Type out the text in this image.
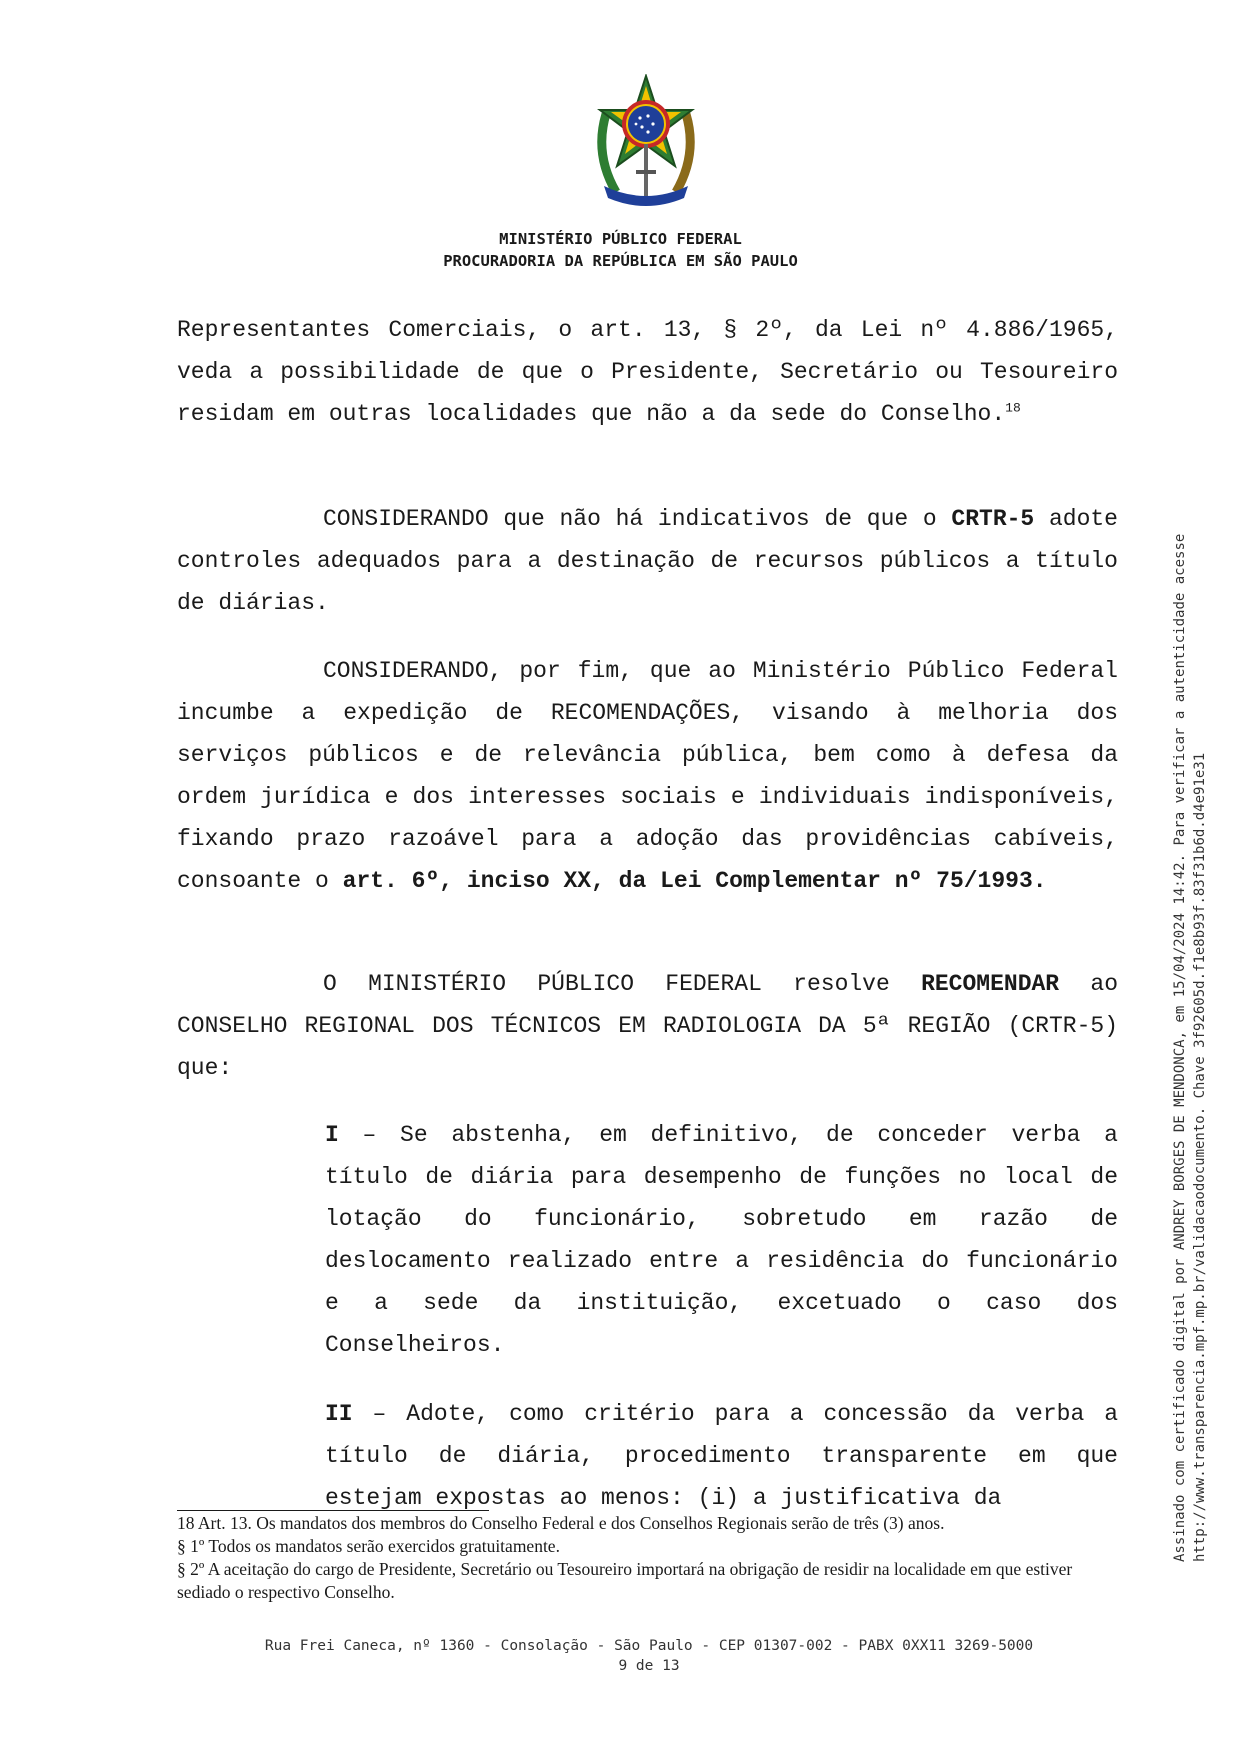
MINISTÉRIO PÚBLICO FEDERAL
PROCURADORIA DA REPÚBLICA EM SÃO PAULO

Representantes Comerciais, o art. 13, § 2º, da Lei nº 4.886/1965, veda a possibilidade de que o Presidente, Secretário ou Tesoureiro residam em outras localidades que não a da sede do Conselho.$^{18}$

CONSIDERANDO que não há indicativos de que o CRTR-5 adote controles adequados para a destinação de recursos públicos a título de diárias.

CONSIDERANDO, por fim, que ao Ministério Público Federal incumbe a expedição de RECOMENDAÇÕES, visando à melhoria dos serviços públicos e de relevância pública, bem como à defesa da ordem jurídica e dos interesses sociais e individuais indisponíveis, fixando prazo razoável para a adoção das providências cabíveis, consoante o art. 6º, inciso XX, da Lei Complementar nº 75/1993.

O MINISTÉRIO PÚBLICO FEDERAL resolve RECOMENDAR ao CONSELHO REGIONAL DOS TÉCNICOS EM RADIOLOGIA DA 5ª REGIÃO (CRTR-5) que:

I – Se abstenha, em definitivo, de conceder verba a título de diária para desempenho de funções no local de lotação do funcionário, sobretudo em razão de deslocamento realizado entre a residência do funcionário e a sede da instituição, excetuado o caso dos Conselheiros.

II – Adote, como critério para a concessão da verba a título de diária, procedimento transparente em que estejam expostas ao menos: (i) a justificativa da

18 Art. 13. Os mandatos dos membros do Conselho Federal e dos Conselhos Regionais serão de três (3) anos.
§ 1º Todos os mandatos serão exercidos gratuitamente.
§ 2º A aceitação do cargo de Presidente, Secretário ou Tesoureiro importará na obrigação de residir na localidade em que estiver sediado o respectivo Conselho.
Rua Frei Caneca, nº 1360 - Consolação - São Paulo - CEP 01307-002 - PABX 0XX11 3269-5000
9 de 13
Assinado com certificado digital por ANDREY BORGES DE MENDONCA, em 15/04/2024 14:42. Para verificar a autenticidade acesse http://www.transparencia.mpf.mp.br/validacaodocumento. Chave 3f92605d.f1e8b93f.83f31b6d.d4e91e31
